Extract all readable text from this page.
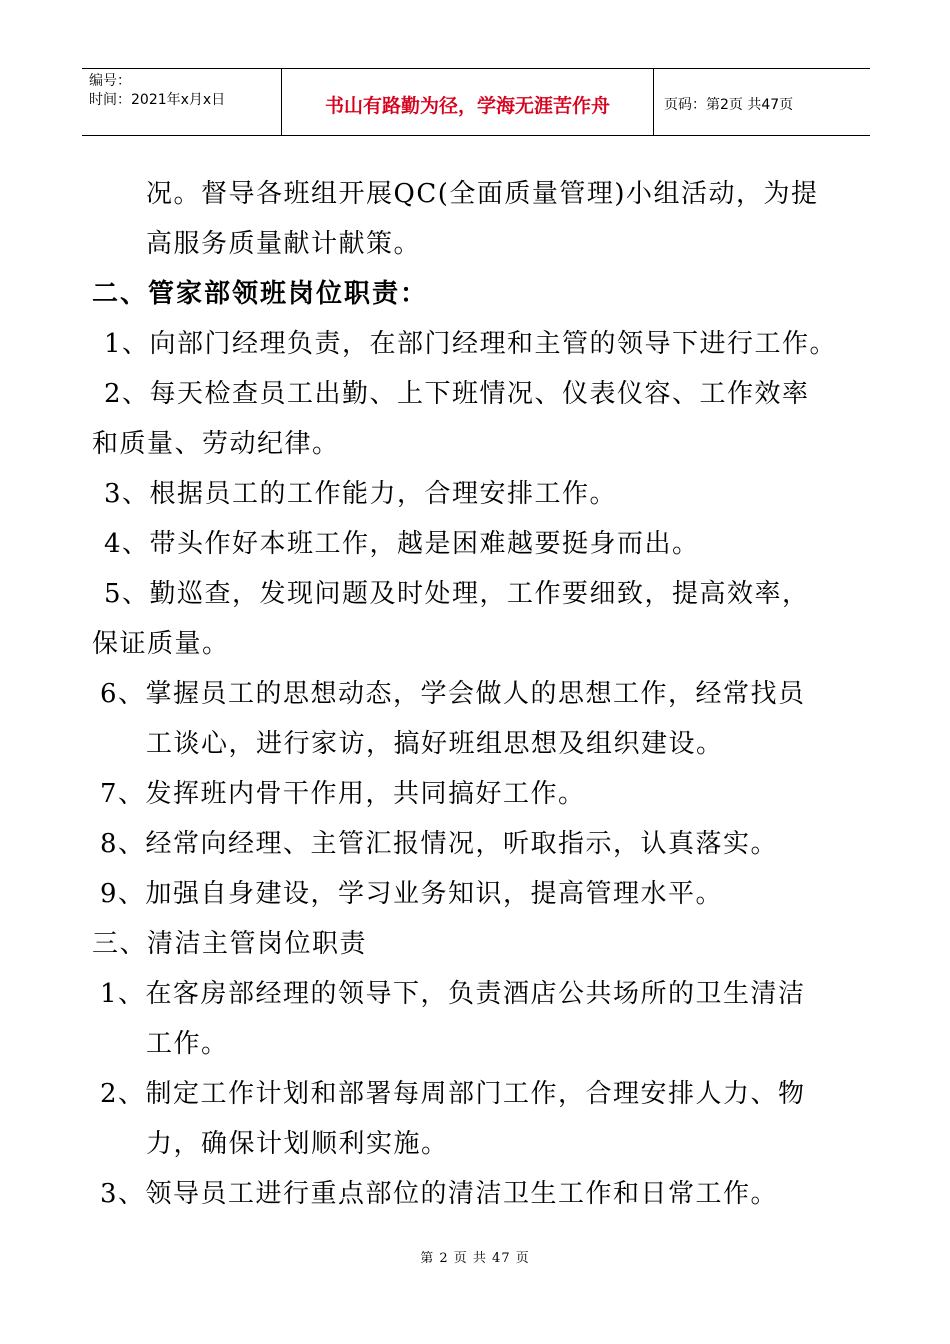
编号：
时间：2021年x月x日	书山有路勤为径，学海无涯苦作舟	页码：第2页 共47页
况。督导各班组开展QC(全面质量管理)小组活动，为提
高服务质量献计献策。
二、管家部领班岗位职责：
1、向部门经理负责，在部门经理和主管的领导下进行工作。
2、每天检查员工出勤、上下班情况、仪表仪容、工作效率
和质量、劳动纪律。
3、根据员工的工作能力，合理安排工作。
4、带头作好本班工作，越是困难越要挺身而出。
5、勤巡查，发现问题及时处理，工作要细致，提高效率，
保证质量。
6、掌握员工的思想动态，学会做人的思想工作，经常找员
工谈心，进行家访，搞好班组思想及组织建设。
7、发挥班内骨干作用，共同搞好工作。
8、经常向经理、主管汇报情况，听取指示，认真落实。
9、加强自身建设，学习业务知识，提高管理水平。
三、清洁主管岗位职责
1、在客房部经理的领导下，负责酒店公共场所的卫生清洁
工作。
2、制定工作计划和部署每周部门工作，合理安排人力、物
力，确保计划顺利实施。
3、领导员工进行重点部位的清洁卫生工作和日常工作。
第 2 页 共 47 页
